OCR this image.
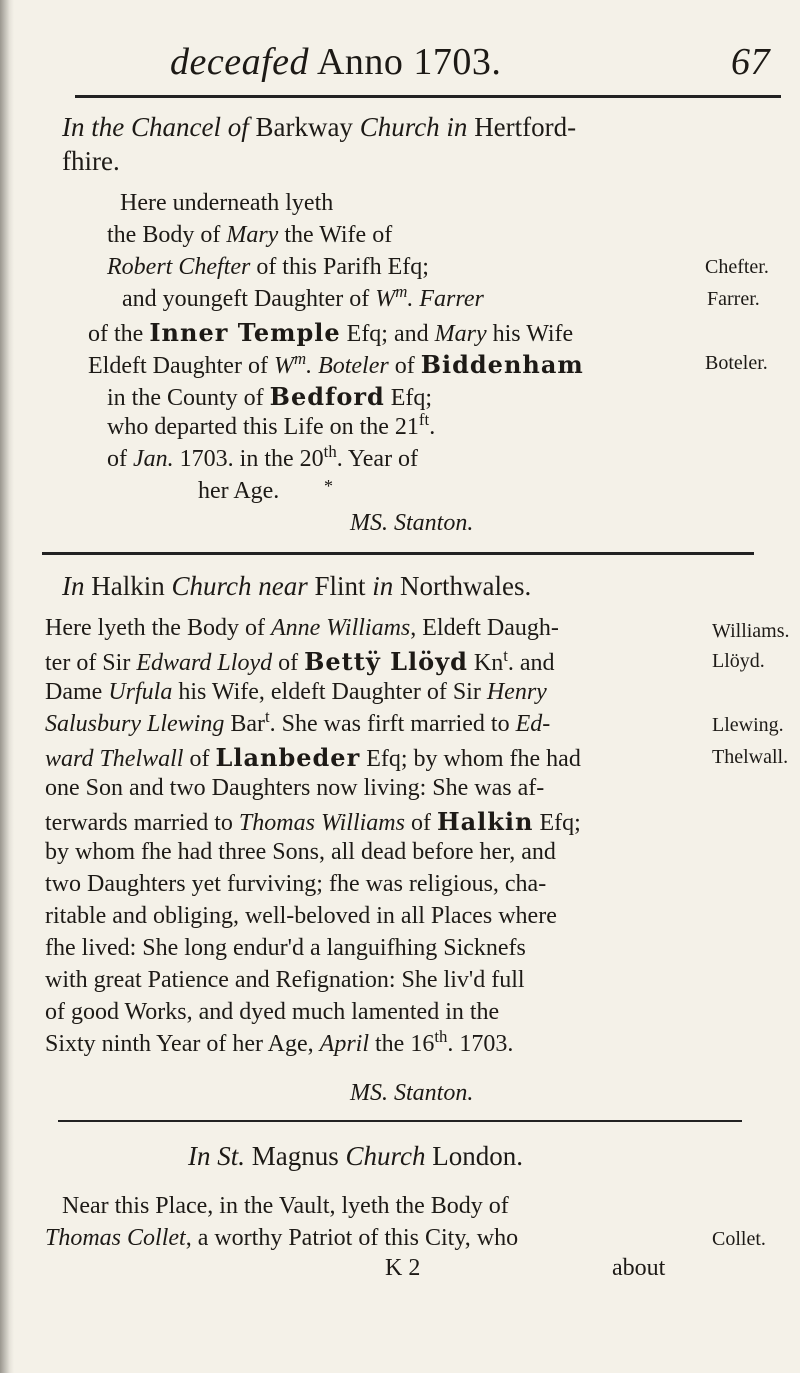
deceafed Anno 1703.	67
In the Chancel of Barkway Church in Hertford-
fhire.
Here underneath lyeth
the Body of Mary the Wife of
Robert Chefter of this Parifh Efq;
and youngeft Daughter of $W^m$. Farrer
of the Inner Temple Efq; and Mary his Wife
Eldeft Daughter of $W^m$. Boteler of Biddenham
in the County of Bedford Efq;
who departed this Life on the $21^{ft}$.
of Jan. 1703. in the 20th. Year of
her Age. *
MS. Stanton.
Chefter.
Farrer.
Boteler.
In Halkin Church near Flint in Northwales.
Here lyeth the Body of Anne Williams, Eldeft Daugh-
ter of Sir Edward Lloyd of Bettÿ Llöyd Kn$^t$. and
Dame Urfula his Wife, eldeft Daughter of Sir Henry
Salusbury Llewing Bar$^t$. She was firft married to Ed-
ward Thelwall of Llanbeder Efq; by whom fhe had
one Son and two Daughters now living: She was af-
terwards married to Thomas Williams of Halkin Efq;
by whom fhe had three Sons, all dead before her, and
two Daughters yet furviving; fhe was religious, cha-
ritable and obliging, well-beloved in all Places where
fhe lived: She long endur'd a languifhing Sicknefs
with great Patience and Refignation: She liv'd full
of good Works, and dyed much lamented in the
Sixty ninth Year of her Age, April the 16th. 1703.
MS. Stanton.
Williams.
Llöyd.
Llewing.
Thelwall.
In St. Magnus Church London.
Near this Place, in the Vault, lyeth the Body of
Thomas Collet, a worthy Patriot of this City, who	Collet.
K 2	about
